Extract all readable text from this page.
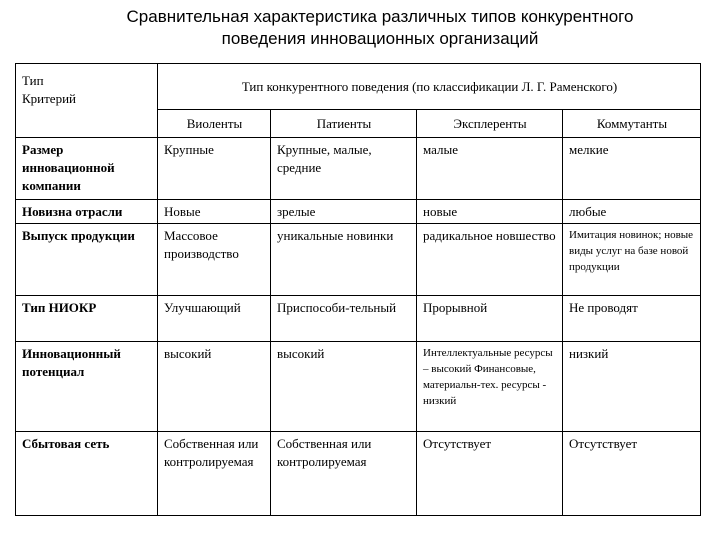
Сравнительная характеристика различных типов конкурентного
поведения инновационных организаций
Тип
Критерий	Тип конкурентного поведения (по классификации Л. Г. Раменского)			
	Виоленты	Патиенты	Эксплеренты	Коммутанты
Размер инновационной компании	Крупные	Крупные, малые, средние	малые	мелкие
Новизна отрасли	Новые	зрелые	новые	любые
Выпуск продукции	Массовое производство	уникальные новинки	радикальное новшество	Имитация новинок; новые виды услуг на базе новой продукции
Тип НИОКР	Улучшающий	Приспособи-тельный	Прорывной	Не проводят
Инновационный потенциал	высокий	высокий	Интеллектуальные ресурсы – высокий Финансовые, материальн-тех. ресурсы - низкий	низкий
Сбытовая сеть	Собственная или контролируемая	Собственная или контролируемая	Отсутствует	Отсутствует
